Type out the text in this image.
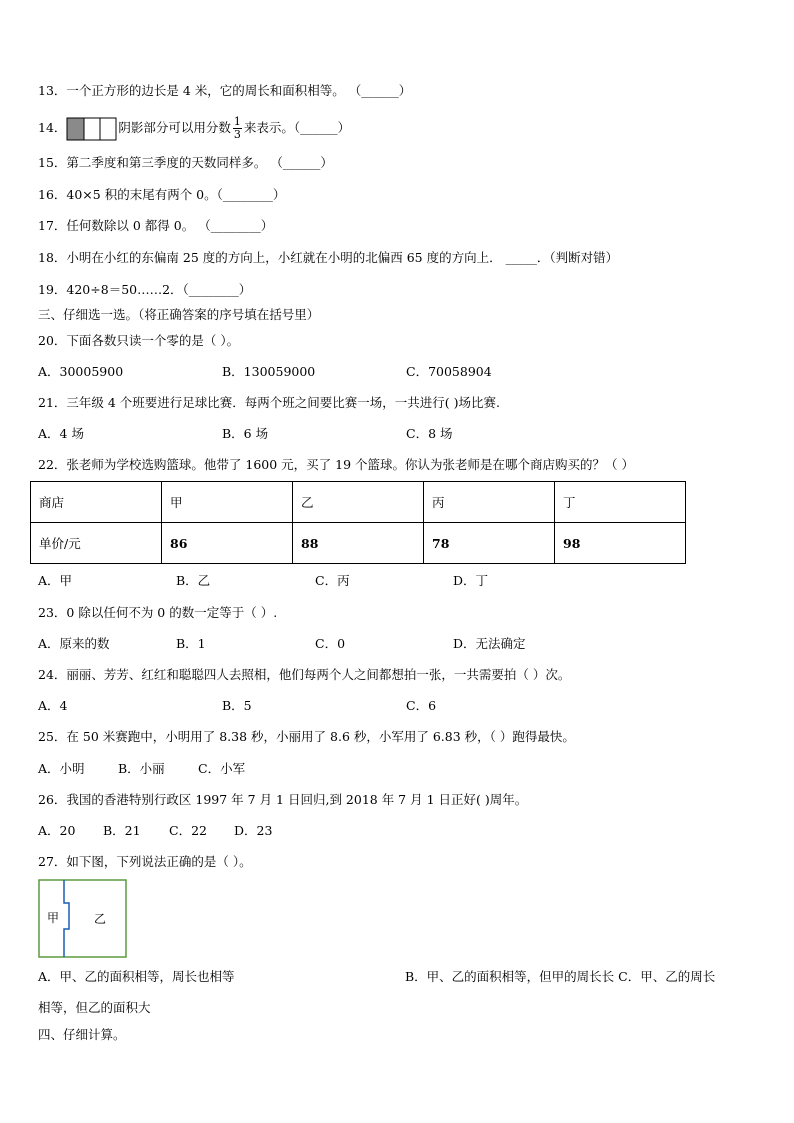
13．一个正方形的边长是 4 米，它的周长和面积相等。 （______）
14．	阴影部分可以用分数 $\frac{1}{3}$ 来表示。（______）
15．第二季度和第三季度的天数同样多。 （______）
16．40×5 积的末尾有两个 0。（________）
17．任何数除以 0 都得 0。 （________）
18．小明在小红的东偏南 25 度的方向上，小红就在小明的北偏西 65 度的方向上． _____．（判断对错）
19．420÷8＝50……2．（________）
三、仔细选一选。（将正确答案的序号填在括号里）
20．下面各数只读一个零的是（ ）。
A．30005900	B．130059000	C．70058904
21．三年级 4 个班要进行足球比赛．每两个班之间要比赛一场，一共进行( )场比赛.
A．4 场	B．6 场	C．8 场
22．张老师为学校选购篮球。他带了 1600 元，买了 19 个篮球。你认为张老师是在哪个商店购买的？（ ）
商店	甲	乙	丙	丁
单价/元	86	88	78	98
A．甲	B．乙	C．丙	D．丁
23．0 除以任何不为 0 的数一定等于（ ）.
A．原来的数	B．1	C．0	D．无法确定
24．丽丽、芳芳、红红和聪聪四人去照相，他们每两个人之间都想拍一张，一共需要拍（ ）次。
A．4	B．5	C．6
25．在 50 米赛跑中，小明用了 8.38 秒，小丽用了 8.6 秒，小军用了 6.83 秒，（ ）跑得最快。
A．小明	B．小丽	C．小军
26．我国的香港特别行政区 1997 年 7 月 1 日回归,到 2018 年 7 月 1 日正好( )周年。
A．20 B．21 C．22 D．23
27．如下图，下列说法正确的是（ ）。
甲	乙
A．甲、乙的面积相等，周长也相等	B．甲、乙的面积相等，但甲的周长长 C．甲、乙的周长
相等，但乙的面积大
四、仔细计算。
